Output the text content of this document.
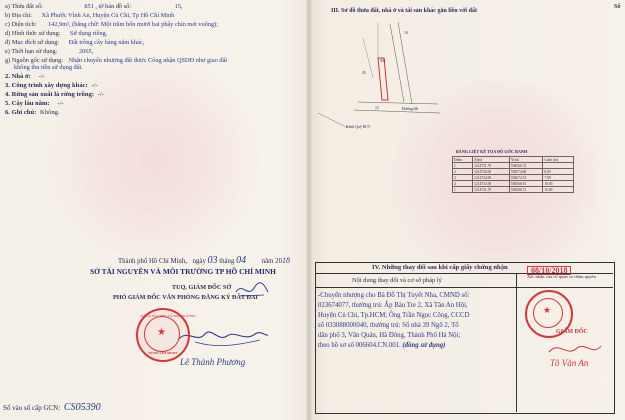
a) Thửa đất số:	851 , tờ bản đồ số:	15,
b) Địa chỉ: Xã Phước Vĩnh An, Huyện Củ Chi, Tp Hồ Chí Minh
c) Diện tích: 142,9m², (bằng chữ: Một trăm bốn mươi hai phẩy chín mét vuông);
d) Hình thức sử dụng: Sử dụng riêng,
đ) Mục đích sử dụng: Đất trồng cây hàng năm khác,
e) Thời hạn sử dụng:	2065,
g) Nguồn gốc sử dụng: Nhận chuyển nhượng đất được Công nhận QSDĐ như giao đất
không thu tiền sử dụng đất.
2. Nhà ở: -/-
3. Công trình xây dựng khác: -/-
4. Rừng sản xuất là rừng trồng: -/-
5. Cây lâu năm: -/-
6. Ghi chú: Không.
Thành phố Hồ Chí Minh, ngày 03 tháng 04 năm 2018
SỞ TÀI NGUYÊN VÀ MÔI TRƯỜNG TP HỒ CHÍ MINH
TUQ. GIÁM ĐỐC SỞ
PHÓ GIÁM ĐỐC VĂN PHÒNG ĐĂNG KÝ ĐẤT ĐAI
SỞ TÀI NGUYÊN VÀ MÔI TRƯỜNG
TP HỒ CHÍ MINH
★
Lê Thành Phương
Số vào sổ cấp GCN: CS05390
III. Sơ đồ thửa đất, nhà ở và tài sản khác gắn liền với đất
Số
851
45
Đường đất
Kênh Quỹ ĐCT
15
16
BẢNG LIỆT KÊ TỌA ĐỘ GÓC RANH
Điểm	X(m)	Y(m)	Cạnh (m)
1	1214731.79	594566.72	
2	1214732.00	594574.66	8,00
3	1214734.00	594574.74	7,99
4	1214713.39	594566.81	18,00
1	1214731.79	594566.72	10,00
IV. Những thay đổi sau khi cấp giấy chứng nhận
Nội dung thay đổi và cơ sở pháp lý
Xác nhận của cơ quan có thẩm quyền
08/10/2018
-Chuyển nhượng cho Bà Đỗ Thị Tuyết Nha, CMND số:
023674077, thường trú: Ấp Bàu Tre 2, Xã Tân An Hội,
Huyện Củ Chi, Tp.HCM; Ông Trần Ngọc Công, CCCD
số 033088000040, thường trú: Số nhà 39 Ngõ 2, Tổ
dân phố 3, Văn Quán, Hà Đông, Thành Phố Hà Nội;
theo hồ sơ số 006604.CN.001. (đồng sử dụng)
★
GIÁM ĐỐC
Tô Văn An
